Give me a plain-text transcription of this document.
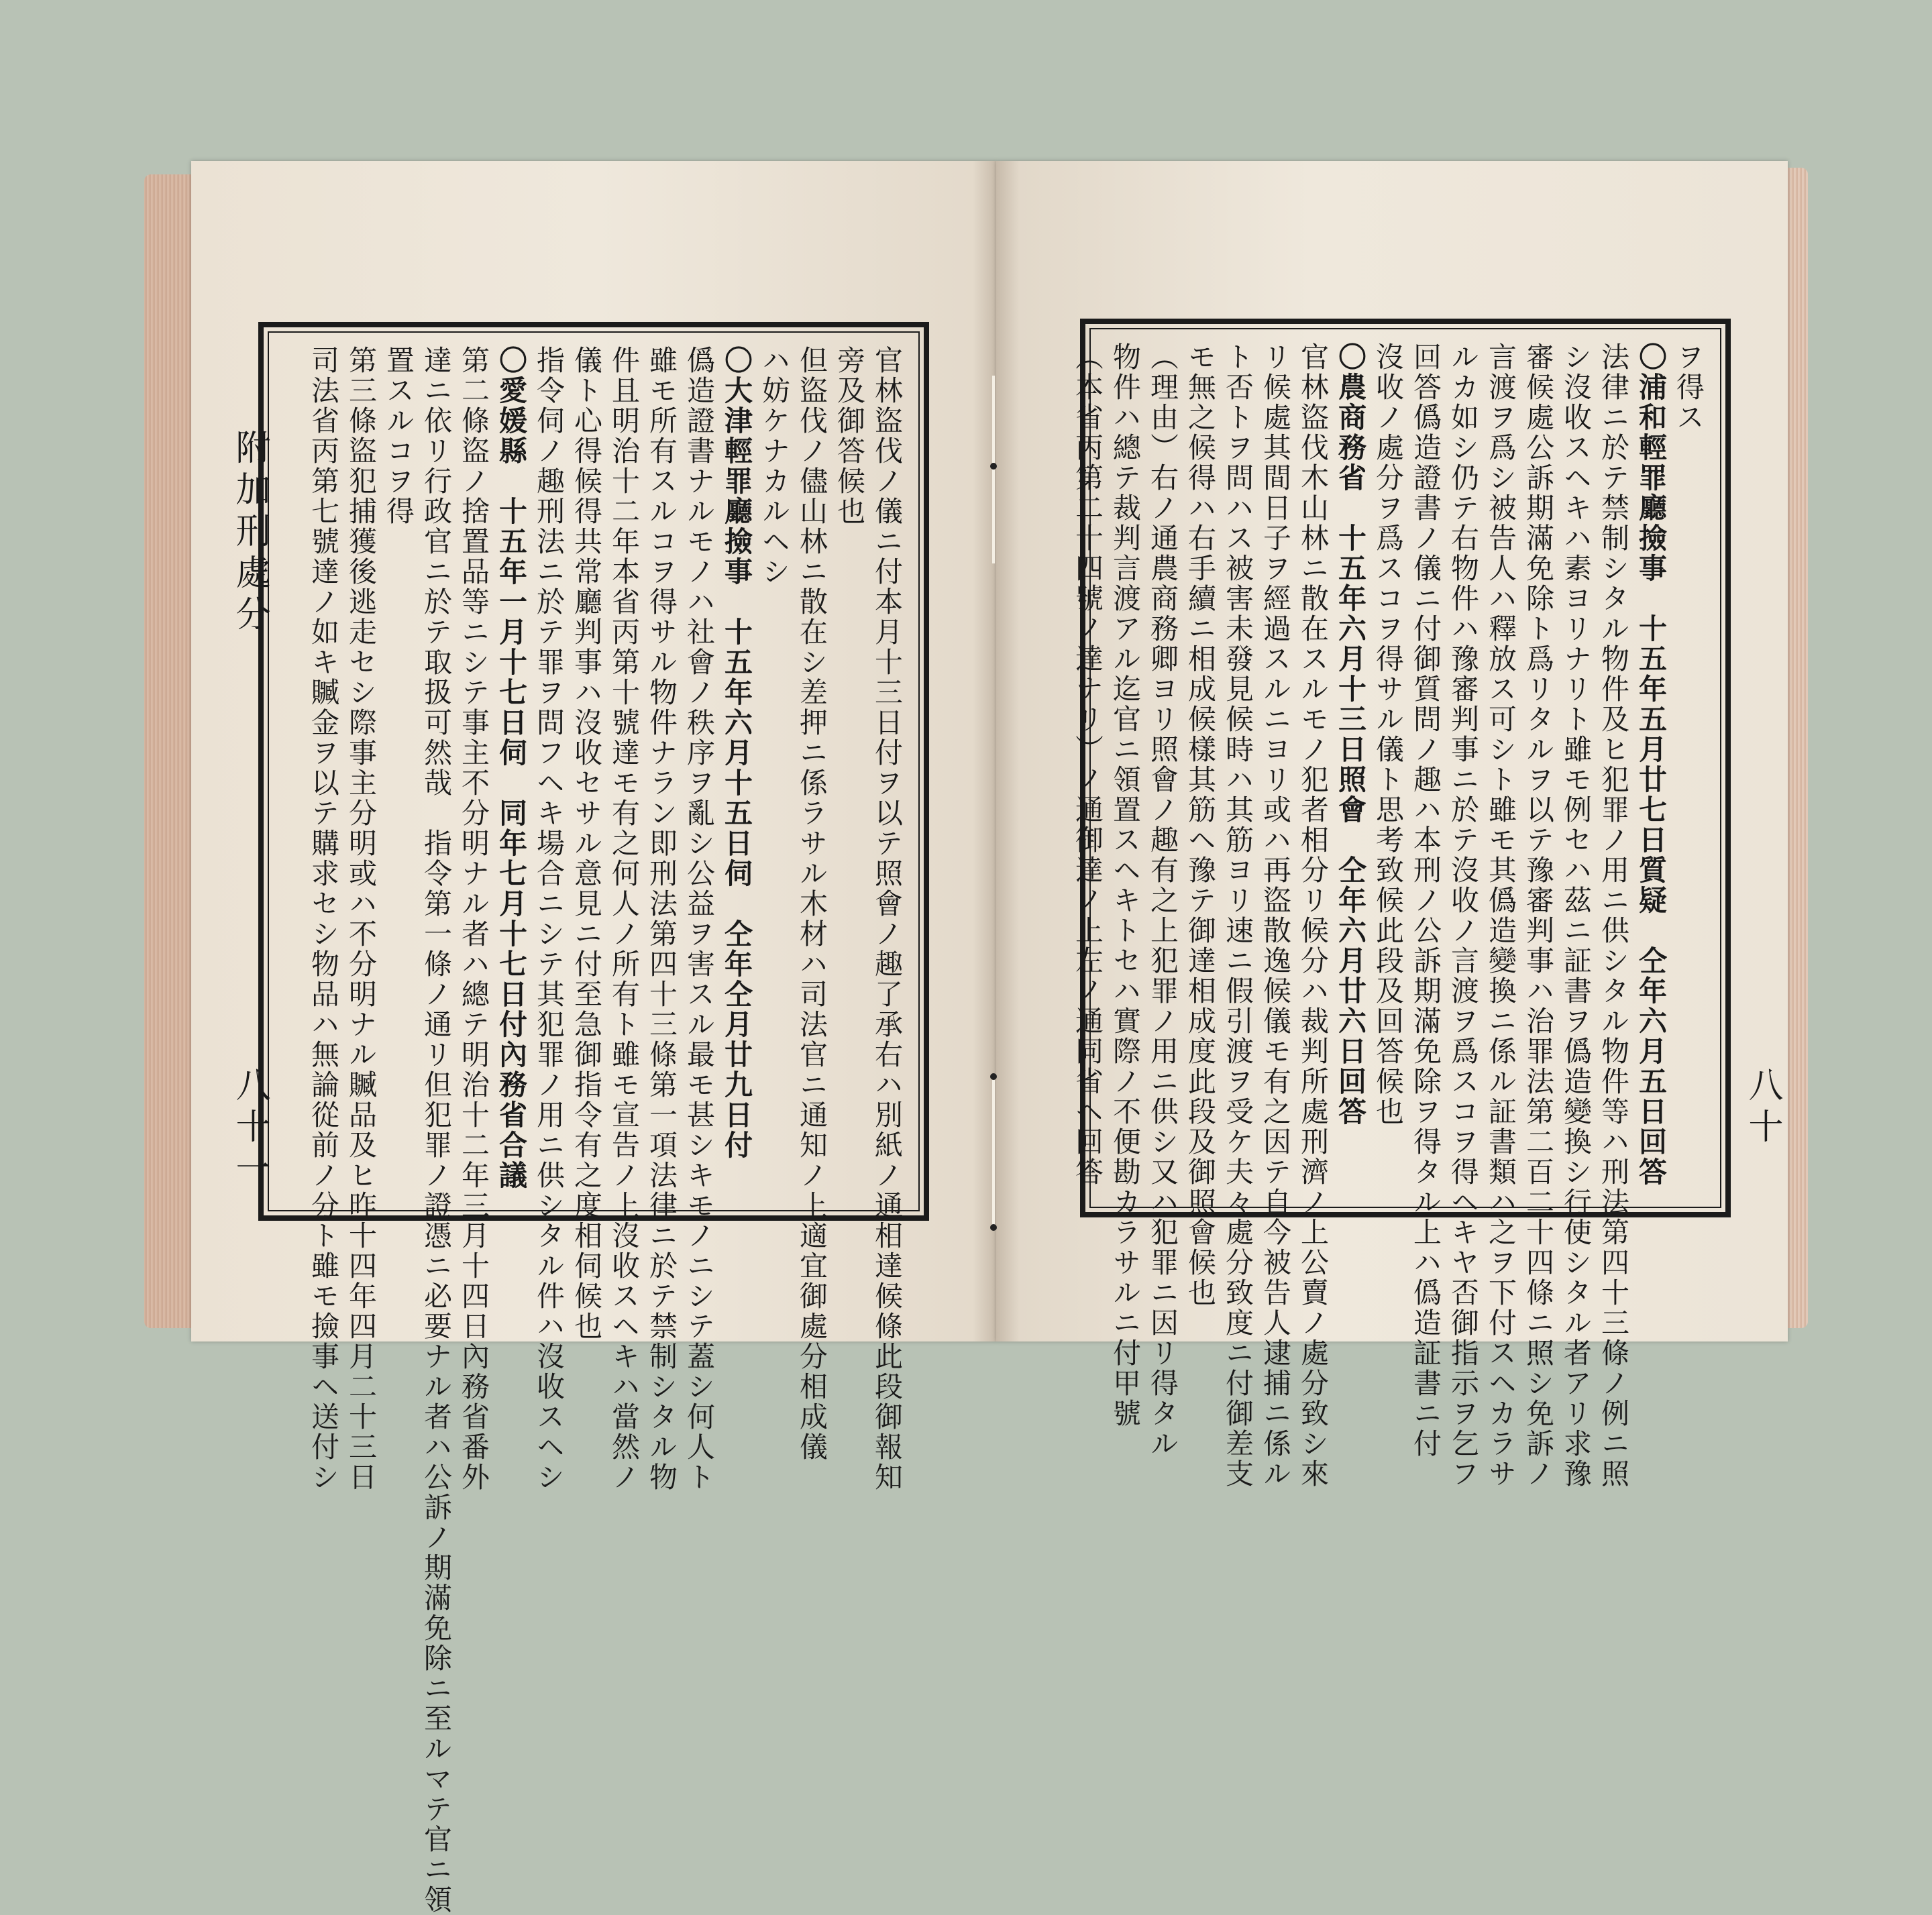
附加刑處分
八十一	官林盜伐ノ儀ニ付本月十三日付ヲ以テ照會ノ趣了承右ハ別紙ノ通相達候條此段御報知

旁及御答候也

但盜伐ノ儘山林ニ散在シ差押ニ係ラサル木材ハ司法官ニ通知ノ上適宜御處分相成儀

ハ妨ケナカルヘシ

〇大津輕罪廳撿事　十五年六月十五日伺　仝年仝月廿九日付

僞造證書ナルモノハ社會ノ秩序ヲ亂シ公益ヲ害スル最モ甚シキモノニシテ蓋シ何人ト

雖モ所有スルコヲ得サル物件ナラン即刑法第四十三條第一項法律ニ於テ禁制シタル物

件且明治十二年本省丙第十號達モ有之何人ノ所有ト雖モ宣告ノ上沒收スヘキハ當然ノ

儀ト心得候得共常廳判事ハ沒收セサル意見ニ付至急御指令有之度相伺候也

指令伺ノ趣刑法ニ於テ罪ヲ問フヘキ場合ニシテ其犯罪ノ用ニ供シタル件ハ沒收スヘシ

〇愛媛縣　十五年一月十七日伺　同年七月十七日付內務省合議

第二條盜ノ捨置品等ニシテ事主不分明ナル者ハ總テ明治十二年三月十四日內務省番外

達ニ依リ行政官ニ於テ取扱可然哉　指令第一條ノ通リ但犯罪ノ證憑ニ必要ナル者ハ公訴ノ期滿免除ニ至ルマテ官ニ領

置スルコヲ得

第三條盜犯捕獲後逃走セシ際事主分明或ハ不分明ナル贓品及ヒ昨十四年四月二十三日

司法省丙第七號達ノ如キ贓金ヲ以テ購求セシ物品ハ無論從前ノ分ト雖モ撿事ヘ送付シ	八十

ヲ得ス

〇浦和輕罪廳撿事　十五年五月廿七日質疑　仝年六月五日回答

法律ニ於テ禁制シタル物件及ヒ犯罪ノ用ニ供シタル物件等ハ刑法第四十三條ノ例ニ照

シ沒收スヘキハ素ヨリナリト雖モ例セハ茲ニ証書ヲ僞造變換シ行使シタル者アリ求豫

審候處公訴期滿免除ト爲リタルヲ以テ豫審判事ハ治罪法第二百二十四條ニ照シ免訴ノ

言渡ヲ爲シ被告人ハ釋放ス可シト雖モ其僞造變換ニ係ル証書類ハ之ヲ下付スヘカラサ

ルカ如シ仍テ右物件ハ豫審判事ニ於テ沒收ノ言渡ヲ爲スコヲ得ヘキヤ否御指示ヲ乞フ

回答僞造證書ノ儀ニ付御質問ノ趣ハ本刑ノ公訴期滿免除ヲ得タル上ハ僞造証書ニ付

沒收ノ處分ヲ爲スコヲ得サル儀ト思考致候此段及回答候也

〇農商務省　十五年六月十三日照會　仝年六月廿六日回答

官林盜伐木山林ニ散在スルモノ犯者相分リ候分ハ裁判所處刑濟ノ上公賣ノ處分致シ來

リ候處其間日子ヲ經過スルニヨリ或ハ再盜散逸候儀モ有之因テ自今被告人逮捕ニ係ル

ト否トヲ問ハス被害未發見候時ハ其筋ヨリ速ニ假引渡ヲ受ケ夫々處分致度ニ付御差支

モ無之候得ハ右手續ニ相成候樣其筋ヘ豫テ御達相成度此段及御照會候也

（理由）右ノ通農商務卿ヨリ照會ノ趣有之上犯罪ノ用ニ供シ又ハ犯罪ニ因リ得タル

物件ハ總テ裁判言渡アル迄官ニ領置スヘキトセハ實際ノ不便勘カラサルニ付甲號

（本省丙第二十四號ノ達ナリ）ノ通御達ノ上左ノ通同省ヘ回答
